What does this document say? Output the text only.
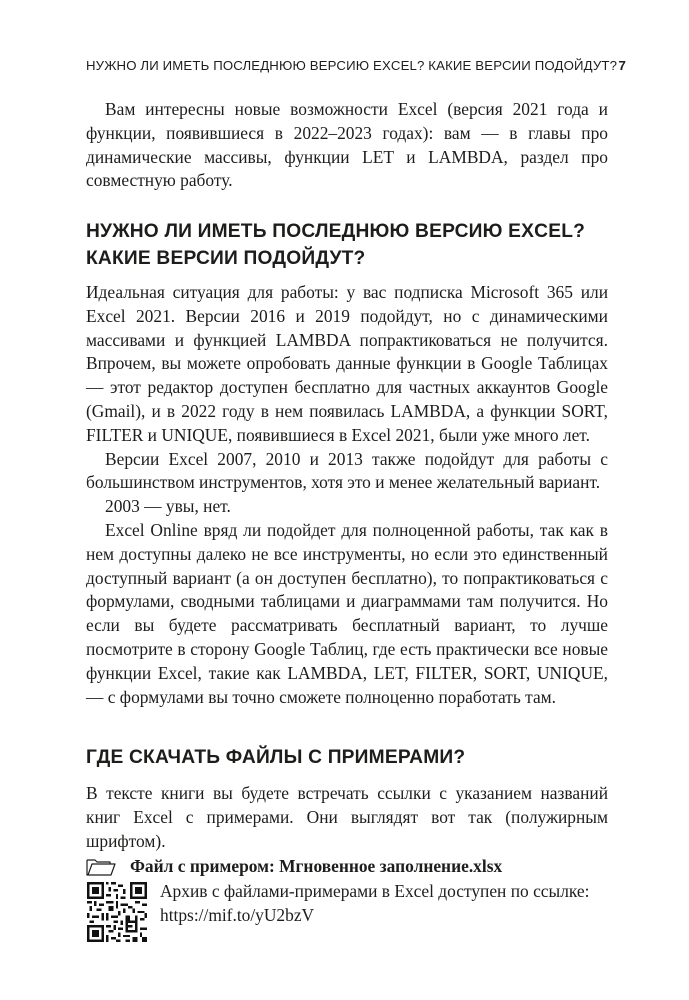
НУЖНО ЛИ ИМЕТЬ ПОСЛЕДНЮЮ ВЕРСИЮ EXCEL? КАКИЕ ВЕРСИИ ПОДОЙДУТ? 7

Вам интересны новые возможности Excel (версия 2021 года и функции, появившиеся в 2022–2023 годах): вам — в главы про динамические массивы, функции LET и LAMBDA, раздел про совместную работу.

НУЖНО ЛИ ИМЕТЬ ПОСЛЕДНЮЮ ВЕРСИЮ EXCEL?
КАКИЕ ВЕРСИИ ПОДОЙДУТ?

Идеальная ситуация для работы: у вас подписка Microsoft 365 или Excel 2021. Версии 2016 и 2019 подойдут, но с динамическими массивами и функцией LAMBDA попрактиковаться не получится. Впрочем, вы можете опробовать данные функции в Google Таблицах — этот редактор доступен бесплатно для частных аккаунтов Google (Gmail), и в 2022 году в нем появилась LAMBDA, а функции SORT, FILTER и UNIQUE, появившиеся в Excel 2021, были уже много лет.

Версии Excel 2007, 2010 и 2013 также подойдут для работы с большинством инструментов, хотя это и менее желательный вариант.

2003 — увы, нет.

Excel Online вряд ли подойдет для полноценной работы, так как в нем доступны далеко не все инструменты, но если это единственный доступный вариант (а он доступен бесплатно), то попрактиковаться с формулами, сводными таблицами и диаграммами там получится. Но если вы будете рассматривать бесплатный вариант, то лучше посмотрите в сторону Google Таблиц, где есть практически все новые функции Excel, такие как LAMBDA, LET, FILTER, SORT, UNIQUE, — с формулами вы точно сможете полноценно поработать там.

ГДЕ СКАЧАТЬ ФАЙЛЫ С ПРИМЕРАМИ?

В тексте книги вы будете встречать ссылки с указанием названий книг Excel с примерами. Они выглядят вот так (полужирным шрифтом).

Файл с примером: Мгновенное заполнение.xlsx
Архив с файлами-примерами в Excel доступен по ссылке:
https://mif.to/yU2bzV
